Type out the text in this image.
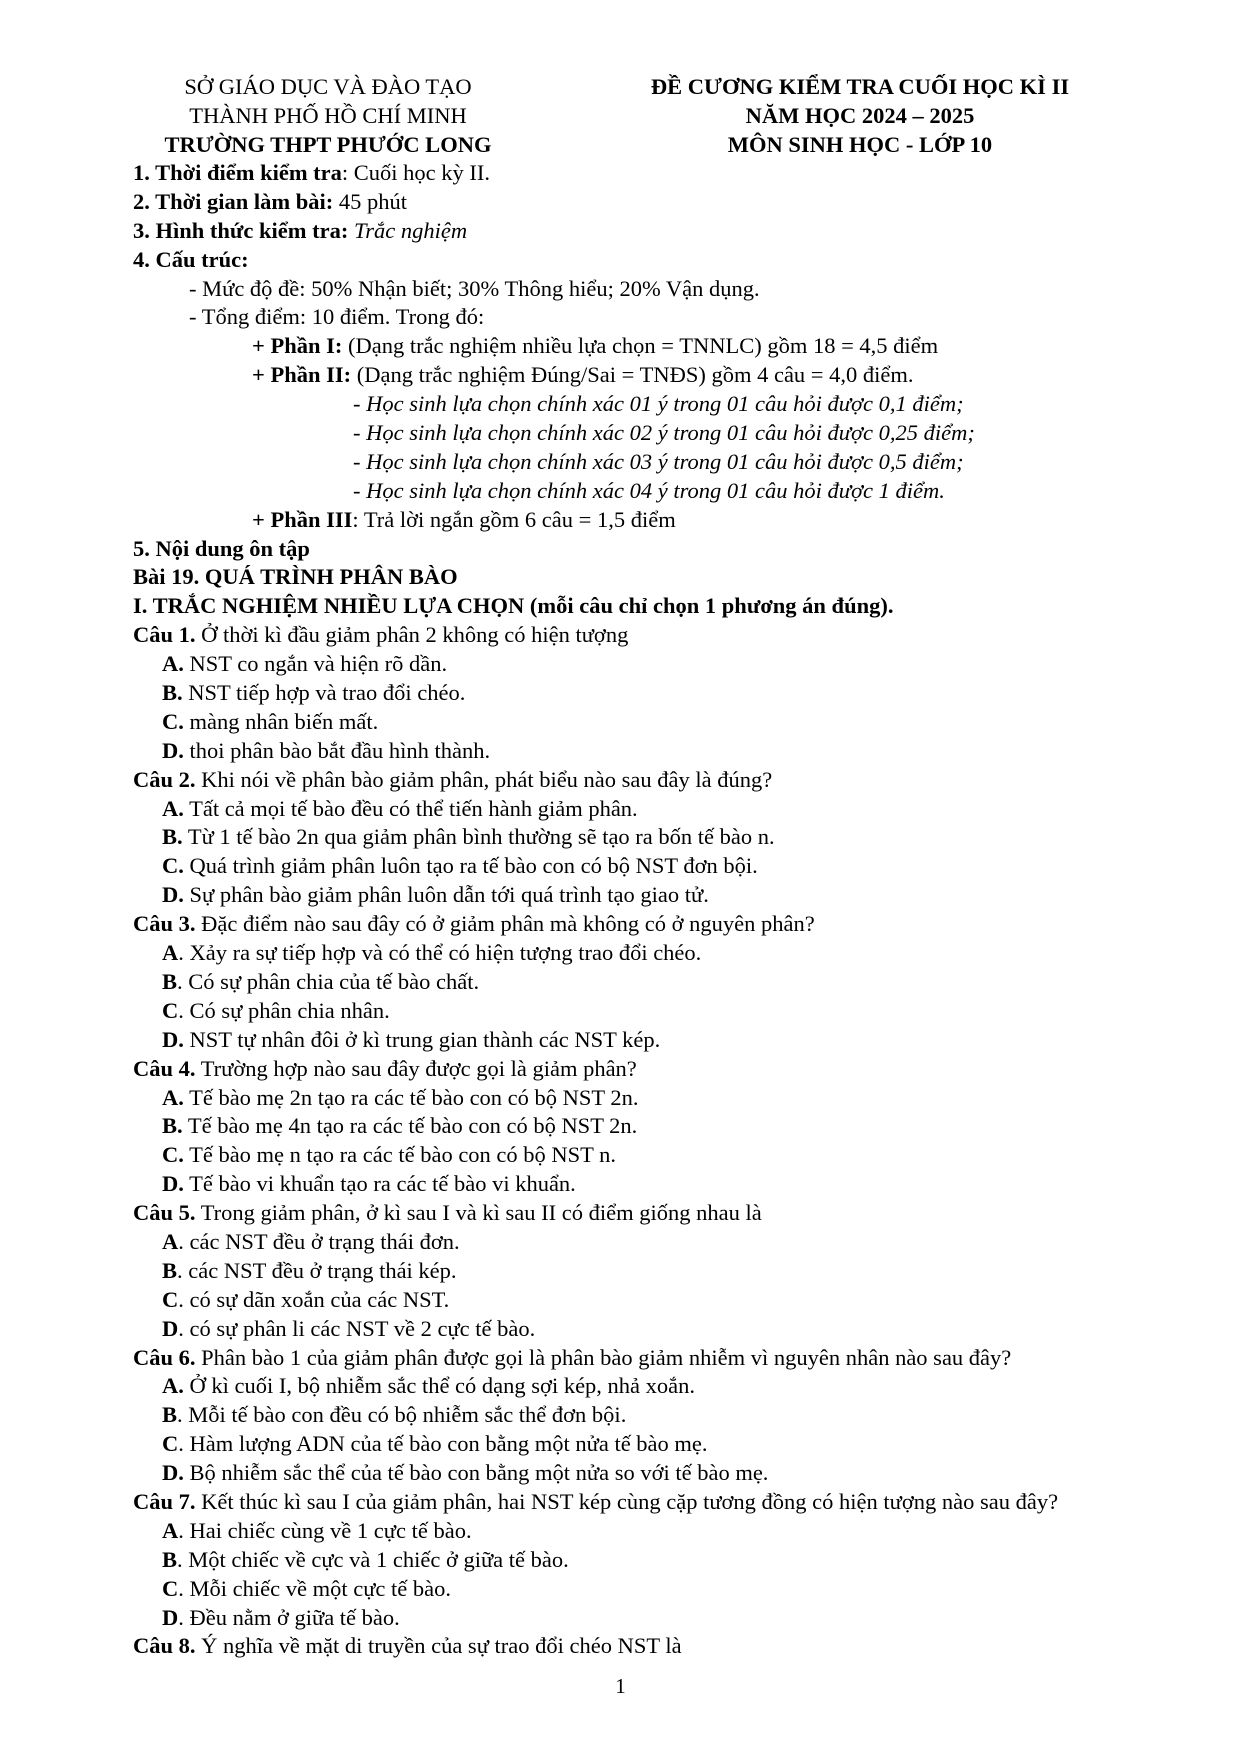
SỞ GIÁO DỤC VÀ ĐÀO TẠO
THÀNH PHỐ HỒ CHÍ MINH
TRƯỜNG THPT PHƯỚC LONG
ĐỀ CƯƠNG KIỂM TRA CUỐI HỌC KÌ II
NĂM HỌC 2024 – 2025
MÔN SINH HỌC - LỚP 10
1. Thời điểm kiểm tra: Cuối học kỳ II.
2. Thời gian làm bài: 45 phút
3. Hình thức kiểm tra: Trắc nghiệm
4. Cấu trúc:
- Mức độ đề: 50% Nhận biết; 30% Thông hiểu; 20% Vận dụng.
- Tổng điểm: 10 điểm. Trong đó:
+ Phần I: (Dạng trắc nghiệm nhiều lựa chọn = TNNLC) gồm 18 = 4,5 điểm
+ Phần II: (Dạng trắc nghiệm Đúng/Sai = TNĐS) gồm 4 câu = 4,0 điểm.
- Học sinh lựa chọn chính xác 01 ý trong 01 câu hỏi được 0,1 điểm;
- Học sinh lựa chọn chính xác 02 ý trong 01 câu hỏi được 0,25 điểm;
- Học sinh lựa chọn chính xác 03 ý trong 01 câu hỏi được 0,5 điểm;
- Học sinh lựa chọn chính xác 04 ý trong 01 câu hỏi được 1 điểm.
+ Phần III: Trả lời ngắn gồm 6 câu = 1,5 điểm
5. Nội dung ôn tập
Bài 19. QUÁ TRÌNH PHÂN BÀO
I. TRẮC NGHIỆM NHIỀU LỰA CHỌN (mỗi câu chỉ chọn 1 phương án đúng).
Câu 1. Ở thời kì đầu giảm phân 2 không có hiện tượng
A. NST co ngắn và hiện rõ dần.
B. NST tiếp hợp và trao đổi chéo.
C. màng nhân biến mất.
D. thoi phân bào bắt đầu hình thành.
Câu 2. Khi nói về phân bào giảm phân, phát biểu nào sau đây là đúng?
A. Tất cả mọi tế bào đều có thể tiến hành giảm phân.
B. Từ 1 tế bào 2n qua giảm phân bình thường sẽ tạo ra bốn tế bào n.
C. Quá trình giảm phân luôn tạo ra tế bào con có bộ NST đơn bội.
D. Sự phân bào giảm phân luôn dẫn tới quá trình tạo giao tử.
Câu 3. Đặc điểm nào sau đây có ở giảm phân mà không có ở nguyên phân?
A. Xảy ra sự tiếp hợp và có thể có hiện tượng trao đổi chéo.
B. Có sự phân chia của tế bào chất.
C. Có sự phân chia nhân.
D. NST tự nhân đôi ở kì trung gian thành các NST kép.
Câu 4. Trường hợp nào sau đây được gọi là giảm phân?
A. Tế bào mẹ 2n tạo ra các tế bào con có bộ NST 2n.
B. Tế bào mẹ 4n tạo ra các tế bào con có bộ NST 2n.
C. Tế bào mẹ n tạo ra các tế bào con có bộ NST n.
D. Tế bào vi khuẩn tạo ra các tế bào vi khuẩn.
Câu 5. Trong giảm phân, ở kì sau I và kì sau II có điểm giống nhau là
A. các NST đều ở trạng thái đơn.
B. các NST đều ở trạng thái kép.
C. có sự dãn xoắn của các NST.
D. có sự phân li các NST về 2 cực tế bào.
Câu 6. Phân bào 1 của giảm phân được gọi là phân bào giảm nhiễm vì nguyên nhân nào sau đây?
A. Ở kì cuối I, bộ nhiễm sắc thể có dạng sợi kép, nhả xoắn.
B. Mỗi tế bào con đều có bộ nhiễm sắc thể đơn bội.
C. Hàm lượng ADN của tế bào con bằng một nửa tế bào mẹ.
D. Bộ nhiễm sắc thể của tế bào con bằng một nửa so với tế bào mẹ.
Câu 7. Kết thúc kì sau I của giảm phân, hai NST kép cùng cặp tương đồng có hiện tượng nào sau đây?
A. Hai chiếc cùng về 1 cực tế bào.
B. Một chiếc về cực và 1 chiếc ở giữa tế bào.
C. Mỗi chiếc về một cực tế bào.
D. Đều nằm ở giữa tế bào.
Câu 8. Ý nghĩa về mặt di truyền của sự trao đổi chéo NST là
1
